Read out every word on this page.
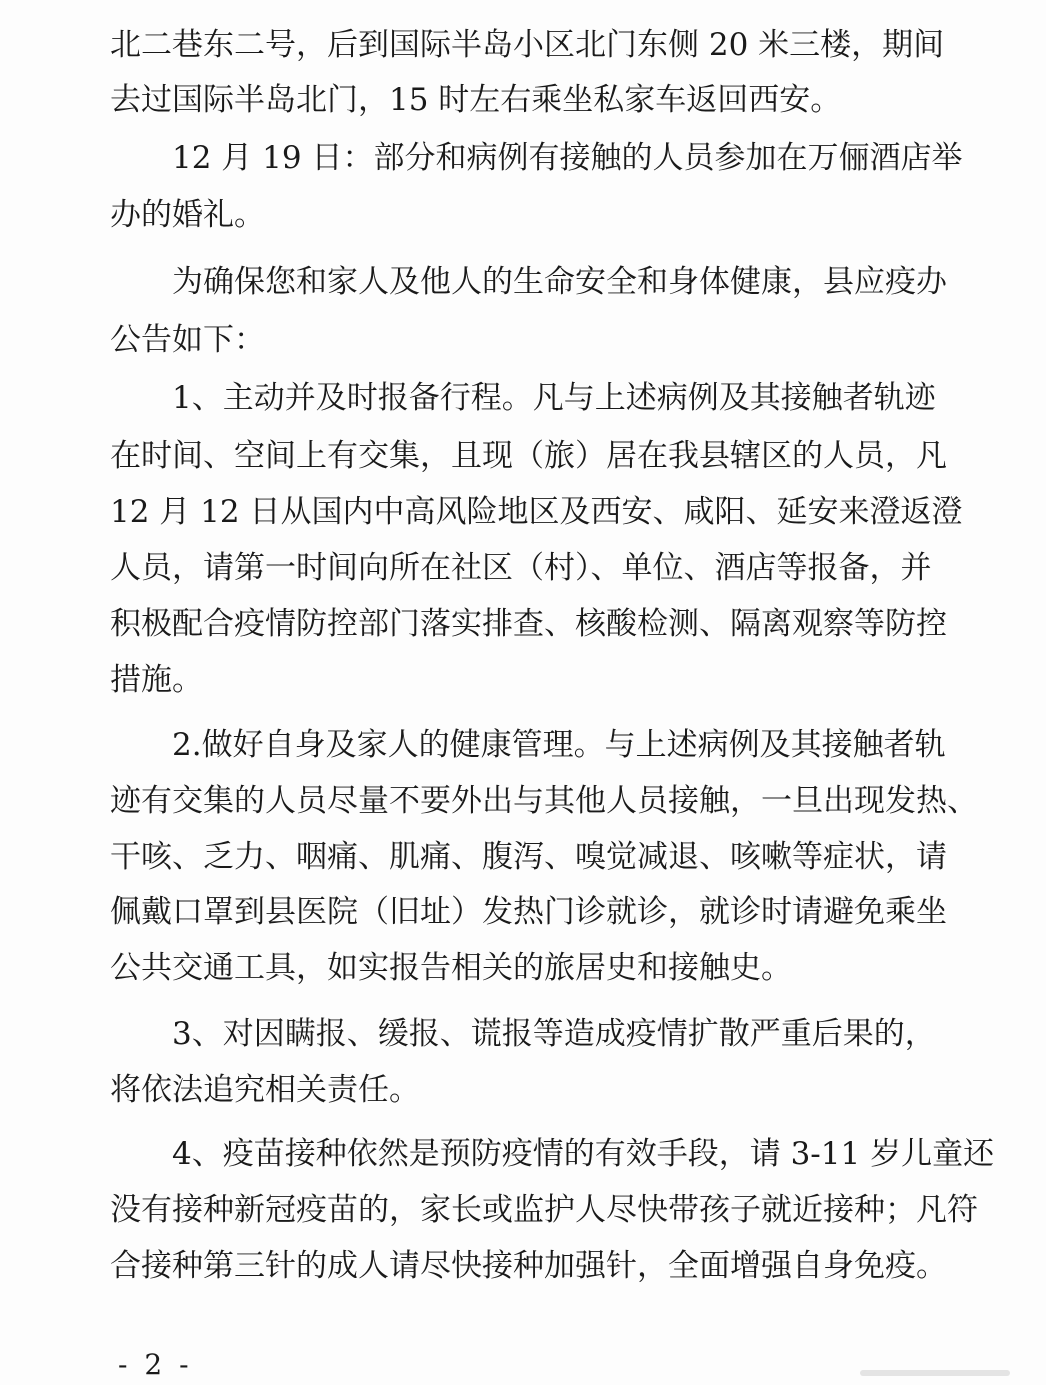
北二巷东二号，后到国际半岛小区北门东侧 20 米三楼，期间
去过国际半岛北门，15 时左右乘坐私家车返回西安。
12 月 19 日：部分和病例有接触的人员参加在万俪酒店举
办的婚礼。
为确保您和家人及他人的生命安全和身体健康，县应疫办
公告如下：
1、主动并及时报备行程。凡与上述病例及其接触者轨迹
在时间、空间上有交集，且现（旅）居在我县辖区的人员，凡
12 月 12 日从国内中高风险地区及西安、咸阳、延安来澄返澄
人员，请第一时间向所在社区（村）、单位、酒店等报备，并
积极配合疫情防控部门落实排查、核酸检测、隔离观察等防控
措施。
2.做好自身及家人的健康管理。与上述病例及其接触者轨
迹有交集的人员尽量不要外出与其他人员接触，一旦出现发热、
干咳、乏力、咽痛、肌痛、腹泻、嗅觉减退、咳嗽等症状，请
佩戴口罩到县医院（旧址）发热门诊就诊，就诊时请避免乘坐
公共交通工具，如实报告相关的旅居史和接触史。
3、对因瞒报、缓报、谎报等造成疫情扩散严重后果的，
将依法追究相关责任。
4、疫苗接种依然是预防疫情的有效手段，请 3-11 岁儿童还
没有接种新冠疫苗的，家长或监护人尽快带孩子就近接种；凡符
合接种第三针的成人请尽快接种加强针，全面增强自身免疫。
- 2 -
